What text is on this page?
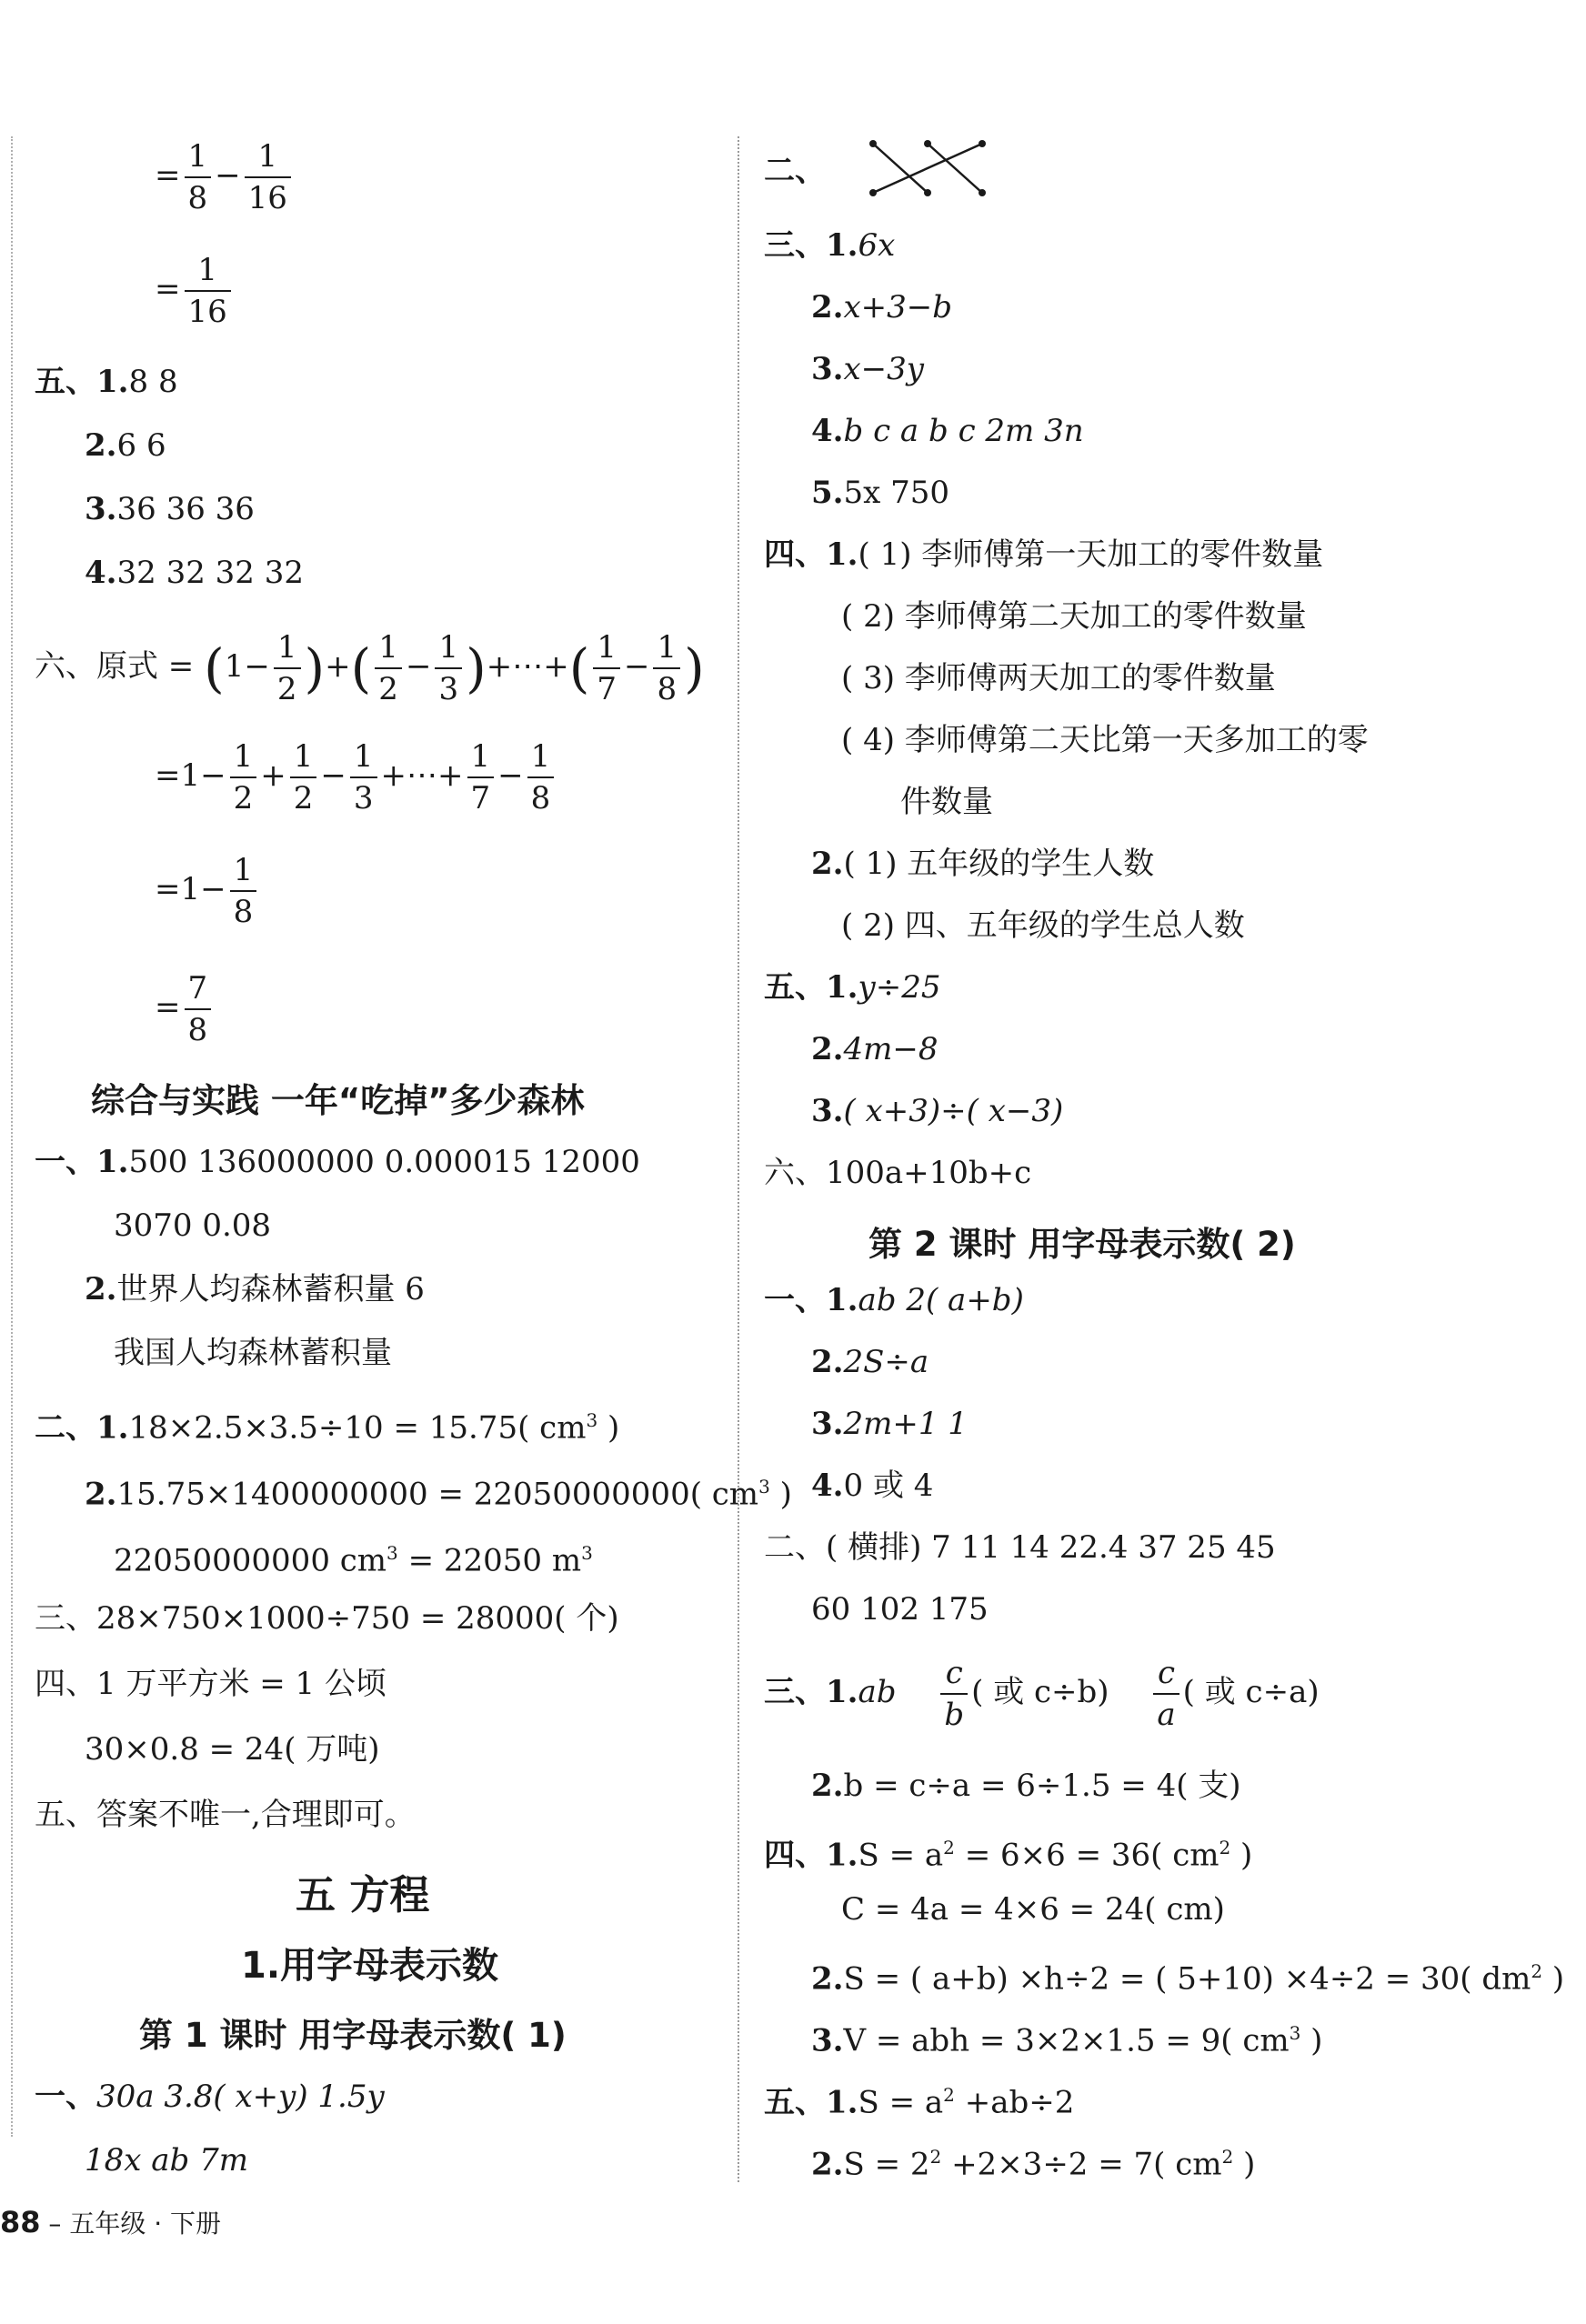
= $\frac{1}{8} - \frac{1}{16}$
= $\frac{1}{16}$
五、1.8 8
2.6 6
3.36 36 36
4.32 32 32 32
六、原式 = ($1- \frac{1}{2}$ )+( $\frac{1}{2} - \frac{1}{3}$ )+⋯+( $\frac{1}{7} - \frac{1}{8}$ )
$=1- \frac{1}{2} + \frac{1}{2} - \frac{1}{3}$ +⋯+ $\frac{1}{7} - \frac{1}{8}$
$=1- \frac{1}{8}$
= $\frac{7}{8}$
综合与实践 一年“吃掉”多少森林
一、1.500 136000000 0.000015 12000
3070 0.08
2.世界人均森林蓄积量 6
我国人均森林蓄积量
二、1.18×2.5×3.5÷10 = 15.75( $cm^3$ )
2.15.75×1400000000 = 22050000000( $cm^3$ )
22050000000 $cm^3 = 22050$ $m^3$
三、28×750×1000÷750 = 28000( 个)
四、1 万平方米 = 1 公顷
30×0.8 = 24( 万吨)
五、答案不唯一,合理即可。
五 方程
1.用字母表示数
第 1 课时 用字母表示数( 1)
一、30a 3.8( x+y) 1.5y
18x ab 7m
二、
三、1.6x
2.x+3−b
3.x−3y
4.b c a b c 2m 3n
5.5x 750
四、1.( 1) 李师傅第一天加工的零件数量
( 2) 李师傅第二天加工的零件数量
( 3) 李师傅两天加工的零件数量
( 4) 李师傅第二天比第一天多加工的零
件数量
2.( 1) 五年级的学生人数
( 2) 四、五年级的学生总人数
五、1.y÷25
2.4m−8
3.( x+3)÷( x−3)
六、100a+10b+c
第 2 课时 用字母表示数( 2)
一、1.ab 2( a+b)
2.2S÷a
3.2m+1 1
4.0 或 4
二、( 横排) 7 11 14 22.4 37 25 45
60 102 175
三、$1.ab \frac{c}{b}$ ( 或 $c\div b) \frac{c}{a}$ ( 或 c÷a)
2.b = c÷a = 6÷1.5 = 4( 支)
四、$1.S = a^2 = 6\times 6 = 36$( $cm^2$ )
C = 4a = 4×6 = 24( cm)
2.S = ( a+b) ×h÷2 = ( 5+10) ×4÷2 = 30( $dm^2$ )
3.V = abh = 3×2×1.5 = 9( $cm^3$ )
五、$1.S = a^2 +ab\div 2$
$2.S = 2^2 +2\times 3\div 2 = 7$( $cm^2$ )
88 – 五年级 · 下册
